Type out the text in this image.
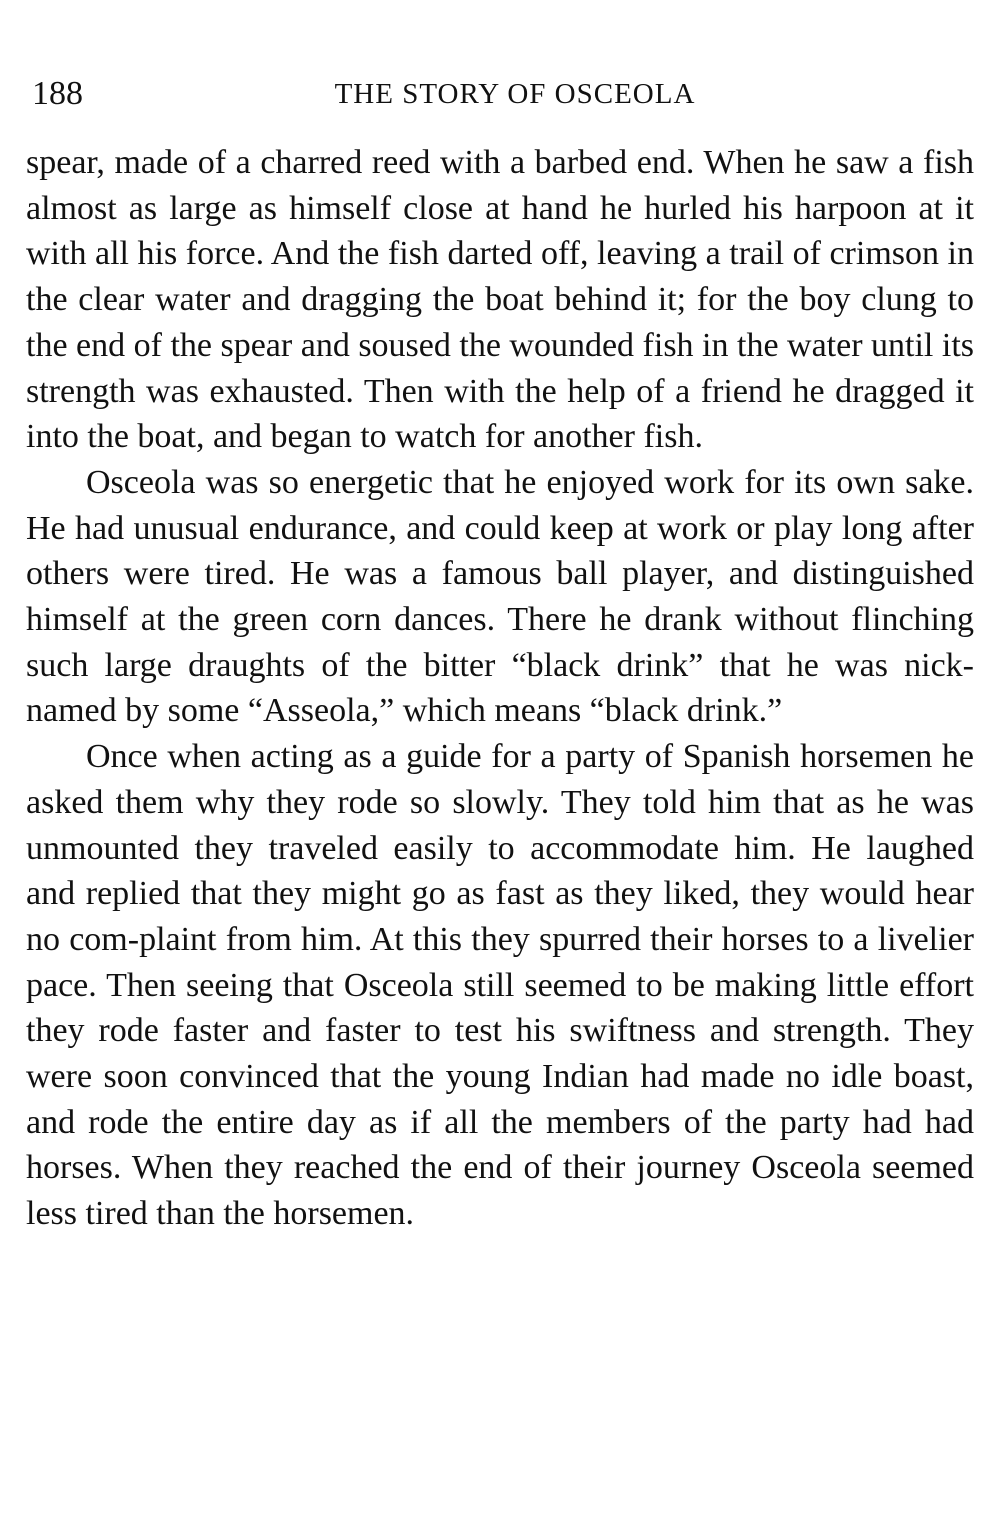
188	THE STORY OF OSCEOLA

spear, made of a charred reed with a barbed end. When he saw a fish almost as large as himself close at hand he hurled his harpoon at it with all his force. And the fish darted off, leaving a trail of crimson in the clear water and dragging the boat behind it; for the boy clung to the end of the spear and soused the wounded fish in the water until its strength was exhausted. Then with the help of a friend he dragged it into the boat, and began to watch for another fish.

Osceola was so energetic that he enjoyed work for its own sake. He had unusual endurance, and could keep at work or play long after others were tired. He was a famous ball player, and distinguished himself at the green corn dances. There he drank without flinching such large draughts of the bitter “black drink” that he was nick-named by some “Asseola,” which means “black drink.”

Once when acting as a guide for a party of Spanish horsemen he asked them why they rode so slowly. They told him that as he was unmounted they traveled easily to accommodate him. He laughed and replied that they might go as fast as they liked, they would hear no com-plaint from him. At this they spurred their horses to a livelier pace. Then seeing that Osceola still seemed to be making little effort they rode faster and faster to test his swiftness and strength. They were soon convinced that the young Indian had made no idle boast, and rode the entire day as if all the members of the party had had horses. When they reached the end of their journey Osceola seemed less tired than the horsemen.
